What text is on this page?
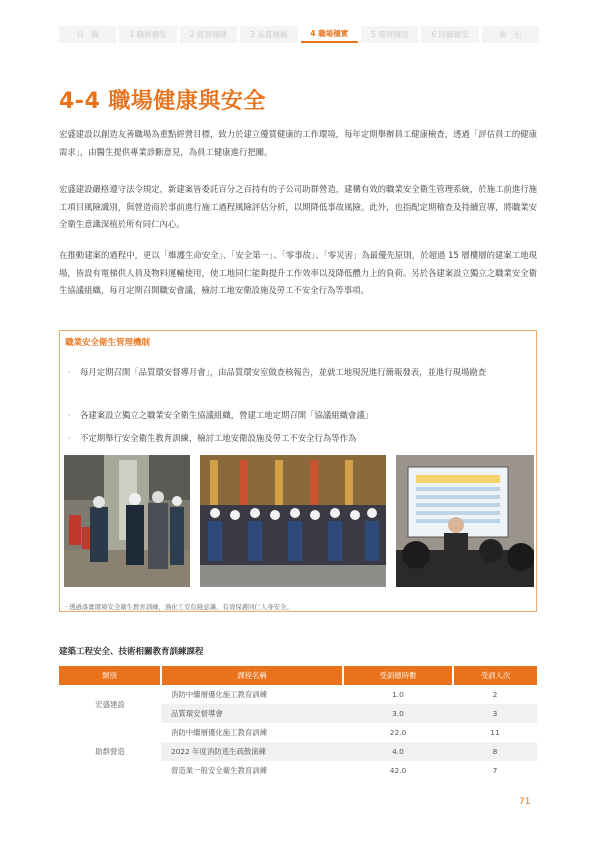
目　錄	1 職掛穩榮	2 經營穩健	3 品質穩揚	4 職場穩實	5 環境穩固	6 回饋穩安	索　引
4-4 職場健康與安全

宏盛建設以創造友善職場為重點經營目標，致力於建立優質健康的工作環境，每年定期舉辦員工健康檢查，透過「評估員工的健康需求」，由醫生提供專業診斷意見，為員工健康進行把關。

宏盛建設嚴格遵守法令規定，新建案皆委託百分之百持有的子公司助群營造，建構有效的職業安全衛生管理系統，於施工前進行施工項目風險識別，與營造商於事前進行施工過程風險評估分析，以期降低事故風險。此外，也指配定期稽查及持續宣導，將職業安全衛生意識深植於所有同仁內心。

在推動建案的過程中，更以「維護生命安全」、「安全第一」、「零事故」、「零災害」為最優先原則，於超過 15 層樓層的建案工地現場，皆設有電梯供人員及物料運輸使用，使工地同仁能夠提升工作效率以及降低體力上的負荷。另於各建案設立獨立之職業安全衛生協議組織，每月定期召開職安會議，檢討工地安衛設施及勞工不安全行為等事項。

職業安全衛生管理機制
·	每月定期召開「品質環安督導月會」，由品質環安室做查核報告，並就工地現況進行簡報發表，並進行現場勘查
·	各建案設立獨立之職業安全衛生協議組織，營建工地定期召開「協議組織會議」
·	不定期舉行安全衛生教育訓練，檢討工地安衛設施及勞工不安全行為等作為
· 透過落實環境安全衛生教育訓練，強化工安危險意識、有效保護同仁人身安全。
建築工程安全、技術相關教育訓練課程
類別	課程名稱	受訓總時數	受訓人次
宏盛建設	消防中繼層優化施工教育訓練	1.0	2
	品質環安督導會	3.0	3
助群營造	消防中繼層優化施工教育訓練	22.0	11
	2022 年度消防逃生疏散演練	4.0	8
	營造業一般安全衛生教育訓練	42.0	7
71
